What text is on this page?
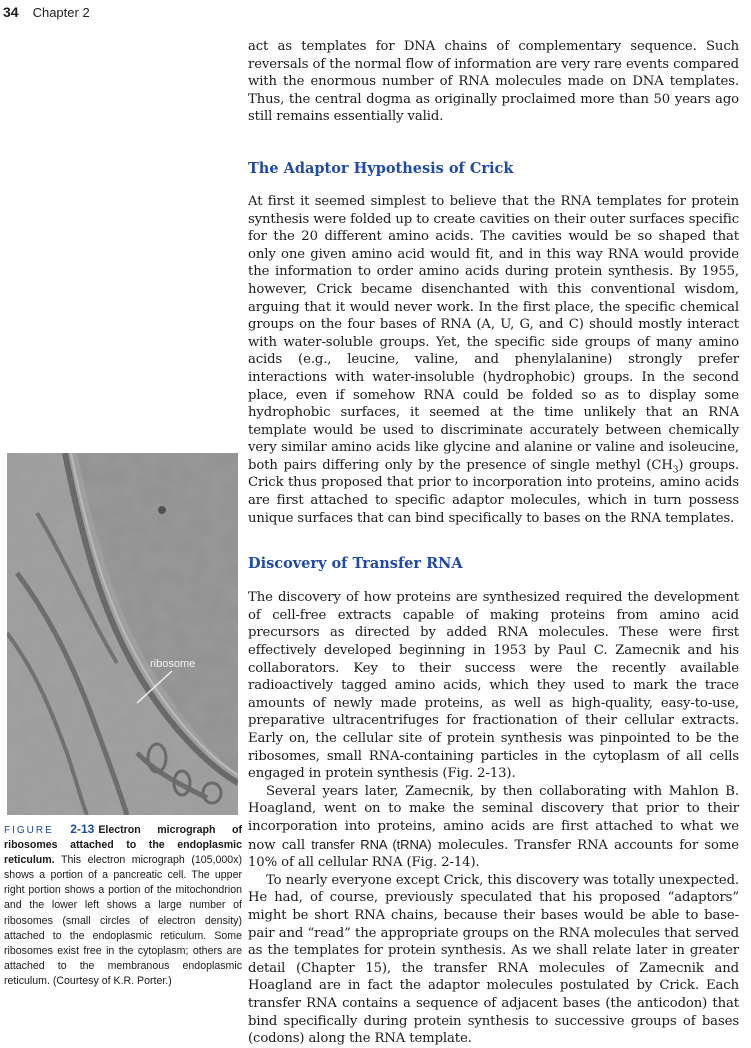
34 Chapter 2

act as templates for DNA chains of complementary sequence. Such reversals of the normal flow of information are very rare events compared with the enormous number of RNA molecules made on DNA templates. Thus, the central dogma as originally proclaimed more than 50 years ago still remains essentially valid.

The Adaptor Hypothesis of Crick

At first it seemed simplest to believe that the RNA templates for protein synthesis were folded up to create cavities on their outer surfaces specific for the 20 different amino acids. The cavities would be so shaped that only one given amino acid would fit, and in this way RNA would provide the information to order amino acids during protein synthesis. By 1955, however, Crick became disenchanted with this conventional wisdom, arguing that it would never work. In the first place, the specific chemical groups on the four bases of RNA (A, U, G, and C) should mostly interact with water-soluble groups. Yet, the specific side groups of many amino acids (e.g., leucine, valine, and phenylalanine) strongly prefer interactions with water-insoluble (hydrophobic) groups. In the second place, even if somehow RNA could be folded so as to display some hydrophobic surfaces, it seemed at the time unlikely that an RNA template would be used to discriminate accurately between chemically very similar amino acids like glycine and alanine or valine and isoleucine, both pairs differing only by the presence of single methyl $(CH_3)$ groups. Crick thus proposed that prior to incorporation into proteins, amino acids are first attached to specific adaptor molecules, which in turn possess unique surfaces that can bind specifically to bases on the RNA templates.

Discovery of Transfer RNA

The discovery of how proteins are synthesized required the development of cell-free extracts capable of making proteins from amino acid precursors as directed by added RNA molecules. These were first effectively developed beginning in 1953 by Paul C. Zamecnik and his collaborators. Key to their success were the recently available radioactively tagged amino acids, which they used to mark the trace amounts of newly made proteins, as well as high-quality, easy-to-use, preparative ultracentrifuges for fractionation of their cellular extracts. Early on, the cellular site of protein synthesis was pinpointed to be the ribosomes, small RNA-containing particles in the cytoplasm of all cells engaged in protein synthesis (Fig. 2-13).

Several years later, Zamecnik, by then collaborating with Mahlon B. Hoagland, went on to make the seminal discovery that prior to their incorporation into proteins, amino acids are first attached to what we now call transfer RNA (tRNA) molecules. Transfer RNA accounts for some 10% of all cellular RNA (Fig. 2-14).

To nearly everyone except Crick, this discovery was totally unexpected. He had, of course, previously speculated that his proposed “adaptors” might be short RNA chains, because their bases would be able to base-pair and “read” the appropriate groups on the RNA molecules that served as the templates for protein synthesis. As we shall relate later in greater detail (Chapter 15), the transfer RNA molecules of Zamecnik and Hoagland are in fact the adaptor molecules postulated by Crick. Each transfer RNA contains a sequence of adjacent bases (the anticodon) that bind specifically during protein synthesis to successive groups of bases (codons) along the RNA template.

ribosome

FIGURE 2-13 Electron micrograph of ribosomes attached to the endoplasmic reticulum. This electron micrograph (105,000x) shows a portion of a pancreatic cell. The upper right portion shows a portion of the mitochondrion and the lower left shows a large number of ribosomes (small circles of electron density) attached to the endoplasmic reticulum. Some ribosomes exist free in the cytoplasm; others are attached to the membranous endoplasmic reticulum. (Courtesy of K.R. Porter.)
